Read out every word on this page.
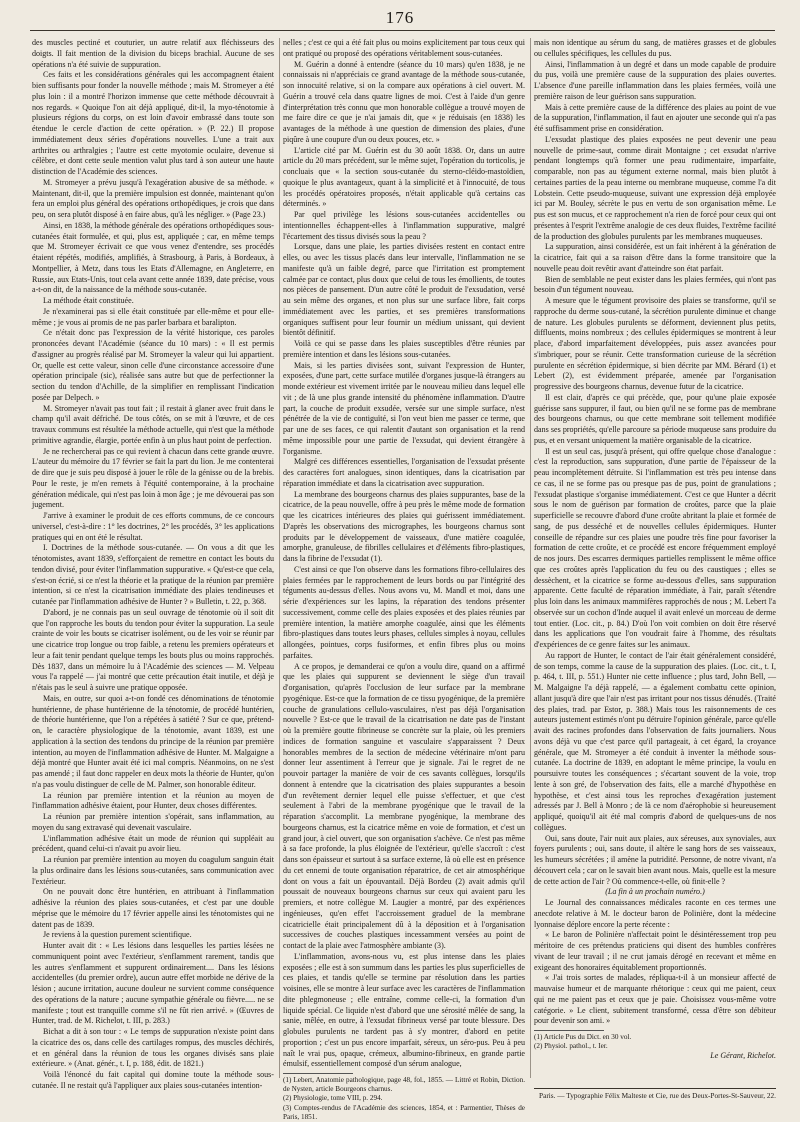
176

des muscles pectiné et couturier, un autre relatif aux fléchisseurs des doigts. Il fait mention de la division du biceps brachial. Aucune de ses opérations n'a été suivie de suppuration.

Ces faits et les considérations générales qui les accompagnent étaient bien suffisants pour fonder la nouvelle méthode ; mais M. Stromeyer a été plus loin : il a montré l'horizon immense que cette méthode découvrait à nos regards. « Quoique l'on ait déjà appliqué, dit-il, la myo-ténotomie à plusieurs régions du corps, on est loin d'avoir embrassé dans toute son étendue le cercle d'action de cette opération. » (P. 22.) Il propose immédiatement deux séries d'opérations nouvelles. L'une a trait aux arthrites ou arthralgies ; l'autre est cette myotomie oculaire, devenue si célèbre, et dont cette seule mention valut plus tard à son auteur une haute distinction de l'Académie des sciences.

M. Stromeyer a prévu jusqu'à l'exagération abusive de sa méthode. « Maintenant, dit-il, que la première impulsion est donnée, maintenant qu'on fera un emploi plus général des opérations orthopédiques, je crois que dans peu, on sera plutôt disposé à en faire abus, qu'à les négliger. » (Page 23.)

Ainsi, en 1838, la méthode générale des opérations orthopédiques sous-cutanées était formulée, et qui, plus est, appliquée ; car, en même temps que M. Stromeyer écrivait ce que vous venez d'entendre, ses procédés étaient répétés, modifiés, amplifiés, à Strasbourg, à Paris, à Bordeaux, à Montpellier, à Metz, dans tous les Etats d'Allemagne, en Angleterre, en Russie, aux Etats-Unis, tout cela avant cette année 1839, date précise, vous a-t-on dit, de la naissance de la méthode sous-cutanée.

La méthode était constituée.

Je n'examinerai pas si elle était constituée par elle-même et pour elle-même ; je vous ai promis de ne pas parler barbara et baralipton.

Ce n'était donc pas l'expression de la vérité historique, ces paroles prononcées devant l'Académie (séance du 10 mars) : « Il est permis d'assigner au progrès réalisé par M. Stromeyer la valeur qui lui appartient. Or, quelle est cette valeur, sinon celle d'une circonstance accessoire d'une opération principale (sic), réalisée sans autre but que de perfectionner la section du tendon d'Achille, de la simplifier en remplissant l'indication posée par Delpech. »

M. Stromeyer n'avait pas tout fait ; il restait à glaner avec fruit dans le champ qu'il avait défriché. De tous côtés, on se mit à l'œuvre, et de ces travaux communs est résultée la méthode actuelle, qui n'est que la méthode primitive agrandie, élargie, portée enfin à un plus haut point de perfection.

Je ne rechercherai pas ce qui revient à chacun dans cette grande œuvre. L'auteur du mémoire du 17 février se fait la part du lion. Je me contenterai de dire que je suis peu disposé à jouer le rôle de la génisse ou de la brebis. Pour le reste, je m'en remets à l'équité contemporaine, à la prochaine génération médicale, qui n'est pas loin à mon âge ; je me dévouerai pas son jugement.

J'arrive à examiner le produit de ces efforts communs, de ce concours universel, c'est-à-dire : 1° les doctrines, 2° les procédés, 3° les applications pratiques qui en ont été le résultat.

I. Doctrines de la méthode sous-cutanée. — On vous a dit que les ténotomistes, avant 1839, s'efforçaient de remettre en contact les bouts du tendon divisé, pour éviter l'inflammation suppurative. « Qu'est-ce que cela, s'est-on écrié, si ce n'est la théorie et la pratique de la réunion par première intention, si ce n'est la cicatrisation immédiate des plaies tendineuses et cutanée par l'inflammation adhésive de Hunter ? » Bulletin, t. 22, p. 368.

D'abord, je ne connais pas un seul ouvrage de ténotomie où il soit dit que l'on rapproche les bouts du tendon pour éviter la suppuration. La seule crainte de voir les bouts se cicatriser isolément, ou de les voir se réunir par une cicatrice trop longue ou trop faible, a retenu les premiers opérateurs et leur a fait tenir pendant quelque temps les bouts plus ou moins rapprochés. Dès 1837, dans un mémoire lu à l'Académie des sciences — M. Velpeau vous l'a rappelé — j'ai montré que cette précaution était inutile, et déjà je n'étais pas le seul à suivre une pratique opposée.

Mais, en outre, sur quoi a-t-on fondé ces dénominations de ténotomie huntérienne, de phase huntérienne de la ténotomie, de procédé huntérien, de théorie huntérienne, que l'on a répétées à satiété ? Sur ce que, prétend-on, le caractère physiologique de la ténotomie, avant 1839, est une application à la section des tendons du principe de la réunion par première intention, au moyen de l'inflammation adhésive de Hunter. M. Malgaigne a déjà montré que Hunter avait été ici mal compris. Néanmoins, on ne s'est pas amendé ; il faut donc rappeler en deux mots la théorie de Hunter, qu'on n'a pas voulu distinguer de celle de M. Palmer, son honorable éditeur.

La réunion par première intention et la réunion au moyen de l'inflammation adhésive étaient, pour Hunter, deux choses différentes.

La réunion par première intention s'opérait, sans inflammation, au moyen du sang extravasé qui devenait vasculaire.

L'inflammation adhésive était un mode de réunion qui suppléait au précédent, quand celui-ci n'avait pu avoir lieu.

La réunion par première intention au moyen du coagulum sanguin était la plus ordinaire dans les lésions sous-cutanées, sans communication avec l'extérieur.

On ne pouvait donc être huntérien, en attribuant à l'inflammation adhésive la réunion des plaies sous-cutanées, et c'est par une double méprise que le mémoire du 17 février appelle ainsi les ténotomistes qui ne datent pas de 1839.

Je reviens à la question purement scientifique.

Hunter avait dit : « Les lésions dans lesquelles les parties lésées ne communiquent point avec l'extérieur, s'enflamment rarement, tandis que les autres s'enflamment et suppurent ordinairement.... Dans les lésions accidentelles (du premier ordre), aucun autre effet morbide ne dérive de la lésion ; aucune irritation, aucune douleur ne survient comme conséquence des opérations de la nature ; aucune sympathie générale ou fièvre..... ne se manifeste ; tout est tranquille comme s'il ne fût rien arrivé. » (Œuvres de Hunter, trad. de M. Richelot, t. III, p. 283.)

Bichat a dit à son tour : « Le temps de suppuration n'existe point dans la cicatrice des os, dans celle des cartilages rompus, des muscles déchirés, et en général dans la réunion de tous les organes divisés sans plaie extérieure. » (Anat. génér., t. I, p. 188, édit. de 1821.)

Voilà l'énoncé du fait capital qui domine toute la méthode sous-cutanée. Il ne restait qu'à l'appliquer aux plaies sous-cutanées intention-

nelles ; c'est ce qui a été fait plus ou moins explicitement par tous ceux qui ont pratiqué ou proposé des opérations véritablement sous-cutanées.

M. Guérin a donné à entendre (séance du 10 mars) qu'en 1838, je ne connaissais ni n'appréciais ce grand avantage de la méthode sous-cutanée, son innocuité relative, si on la compare aux opérations à ciel ouvert. M. Guérin a trouvé cela dans quatre lignes de moi. C'est à l'aide d'un genre d'interprétation très connu que mon honorable collègue a trouvé moyen de me faire dire ce que je n'ai jamais dit, que « je réduisais (en 1838) les avantages de la méthode à une question de dimension des plaies, d'une piqûre à une coupure d'un ou deux pouces, etc. »

L'article cité par M. Guérin est du 30 août 1838. Or, dans un autre article du 20 mars précédent, sur le même sujet, l'opération du torticolis, je concluais que « la section sous-cutanée du sterno-cléido-mastoïdien, quoique le plus avantageux, quant à la simplicité et à l'innocuité, de tous les procédés opératoires proposés, n'était applicable qu'à certains cas déterminés. »

Par quel privilège les lésions sous-cutanées accidentelles ou intentionnelles échappent-elles à l'inflammation suppurative, malgré l'écartement des tissus divisés sous la peau ?

Lorsque, dans une plaie, les parties divisées restent en contact entre elles, ou avec les tissus placés dans leur intervalle, l'inflammation ne se manifeste qu'à un faible degré, parce que l'irritation est promptement calmée par ce contact, plus doux que celui de tous les émollients, de toutes nos pièces de pansement. D'un autre côté le produit de l'exsudation, versé au sein même des organes, et non plus sur une surface libre, fait corps immédiatement avec les parties, et ses premières transformations organiques suffisent pour leur fournir un médium unissant, qui devient bientôt définitif.

Voilà ce qui se passe dans les plaies susceptibles d'être réunies par première intention et dans les lésions sous-cutanées.

Mais, si les parties divisées sont, suivant l'expression de Hunter, exposées, d'une part, cette surface mutilée d'organes jusque-là étrangers au monde extérieur est vivement irritée par le nouveau milieu dans lequel elle vit ; de là une plus grande intensité du phénomène inflammation. D'autre part, la couche de produit exsudée, versée sur une simple surface, n'est pénétrée de la vie de contiguïté, si l'on veut bien me passer ce terme, que par une de ses faces, ce qui ralentit d'autant son organisation et la rend même impossible pour une partie de l'exsudat, qui devient étrangère à l'organisme.

Malgré ces différences essentielles, l'organisation de l'exsudat présente des caractères fort analogues, sinon identiques, dans la cicatrisation par réparation immédiate et dans la cicatrisation avec suppuration.

La membrane des bourgeons charnus des plaies suppurantes, base de la cicatrice, de la peau nouvelle, offre à peu près le même mode de formation que les cicatrices intérieures des plaies qui guérissent immédiatement. D'après les observations des micrographes, les bourgeons charnus sont produits par le développement de vaisseaux, d'une matière coagulée, amorphe, granuleuse, de fibrilles cellulaires et d'éléments fibro-plastiques, dans la fibrine de l'exsudat (1).

C'est ainsi ce que l'on observe dans les formations fibro-cellulaires des plaies fermées par le rapprochement de leurs bords ou par l'intégrité des téguments au-dessus d'elles. Nous avons vu, M. Mandl et moi, dans une série d'expériences sur les lapins, la réparation des tendons présenter successivement, comme celle des plaies exposées et des plaies réunies par première intention, la matière amorphe coagulée, ainsi que les éléments fibro-plastiques dans toutes leurs phases, cellules simples à noyau, cellules allongées, pointues, corps fusiformes, et enfin fibres plus ou moins parfaites.

A ce propos, je demanderai ce qu'on a voulu dire, quand on a affirmé que les plaies qui suppurent se deviennent le siège d'un travail d'organisation, qu'après l'occlusion de leur surface par la membrane pyogénique. Est-ce que la formation de ce tissu pyogénique, de la première couche de granulations cellulo-vasculaires, n'est pas déjà l'organisation nouvelle ? Est-ce que le travail de la cicatrisation ne date pas de l'instant où la première goutte fibrineuse se concrète sur la plaie, où les premiers indices de formation sanguine et vasculaire s'apparaissent ? Deux honorables membres de la section de médecine vétérinaire m'ont paru donner leur assentiment à l'erreur que je signale. J'ai le regret de ne pouvoir partager la manière de voir de ces savants collègues, lorsqu'ils donnent à entendre que la cicatrisation des plaies suppurantes a besoin d'un revêtement dernier lequel elle puisse s'effectuer, et que c'est seulement à l'abri de la membrane pyogénique que le travail de la réparation s'accomplit. La membrane pyogénique, la membrane des bourgeons charnus, est la cicatrice même en voie de formation, et c'est un grand jour, à ciel ouvert, que son organisation s'achève. Ce n'est pas même à sa face profonde, la plus éloignée de l'extérieur, qu'elle s'accroît : c'est dans son épaisseur et surtout à sa surface externe, là où elle est en présence du cet ennemi de toute organisation réparatrice, de cet air atmosphérique dont on vous a fait un épouvantail. Déjà Bordeu (2) avait admis qu'il poussait de nouveaux bourgeons charnus sur ceux qui avaient paru les premiers, et notre collègue M. Laugier a montré, par des expériences ingénieuses, qu'en effet l'accroissement graduel de la membrane cicatricielle était principalement dû à la déposition et à l'organisation successives de couches plastiques incessamment versées au point de contact de la plaie avec l'atmosphère ambiante (3).

L'inflammation, avons-nous vu, est plus intense dans les plaies exposées ; elle est à son summum dans les parties les plus superficielles de ces plaies, et tandis qu'elle se termine par résolution dans les parties voisines, elle se montre à leur surface avec les caractères de l'inflammation dite phlegmoneuse ; elle entraîne, comme celle-ci, la formation d'un liquide spécial. Ce liquide n'est d'abord que une sérosité mêlée de sang, la sanie, mêlée, en outre, à l'exsudat fibrineux versé par toute blessure. Des globules purulents ne tardent pas à s'y montrer, d'abord en petite proportion ; c'est un pus encore imparfait, séreux, un séro-pus. Peu à peu naît le vrai pus, opaque, crémeux, albumino-fibrineux, en grande partie émulsif, essentiellement composé d'un sérum analogue,

(1) Lebert, Anatomie pathologique, page 48, fol., 1855. — Littré et Robin, Diction. de Nysten, article Bourgeons charnus.

(2) Physiologie, tome VIII, p. 294.

(3) Comptes-rendus de l'Académie des sciences, 1854, et : Parmentier, Thèses de Paris, 1851.

mais non identique au sérum du sang, de matières grasses et de globules ou cellules spécifiques, les cellules du pus.

Ainsi, l'inflammation à un degré et dans un mode capable de produire du pus, voilà une première cause de la suppuration des plaies ouvertes. L'absence d'une pareille inflammation dans les plaies fermées, voilà une première raison de leur guérison sans suppuration.

Mais à cette première cause de la différence des plaies au point de vue de la suppuration, l'inflammation, il faut en ajouter une seconde qui n'a pas été suffisamment prise en considération.

L'exsudat plastique des plaies exposées ne peut devenir une peau nouvelle de prime-saut, comme dirait Montaigne ; cet exsudat n'arrive pendant longtemps qu'à former une peau rudimentaire, imparfaite, comparable, non pas au tégument externe normal, mais bien plutôt à certaines parties de la peau interne ou membrane muqueuse, comme l'a dit Lobstein. Cette pseudo-muqueuse, suivant une expression déjà employée ici par M. Bouley, sécrète le pus en vertu de son organisation même. Le pus est son mucus, et ce rapprochement n'a rien de forcé pour ceux qui ont présentes à l'esprit l'extrême analogie de ces deux fluides, l'extrême facilité de la production des globules purulents par les membranes muqueuses.

La suppuration, ainsi considérée, est un fait inhérent à la génération de la cicatrice, fait qui a sa raison d'être dans la forme transitoire que la nouvelle peau doit revêtir avant d'atteindre son état parfait.

Bien de semblable ne peut exister dans les plaies fermées, qui n'ont pas besoin d'un tégument nouveau.

A mesure que le tégument provisoire des plaies se transforme, qu'il se rapproche du derme sous-cutané, la sécrétion purulente diminue et change de nature. Les globules purulents se déforment, deviennent plus petits, diffluents, moins nombreux ; des cellules épidermiques se montrent à leur place, d'abord imparfaitement développées, puis assez avancées pour s'imbriquer, pour se réunir. Cette transformation curieuse de la sécrétion purulente en sécrétion épidermique, si bien décrite par MM. Bérard (1) et Lebert (2), est évidemment préparée, amenée par l'organisation progressive des bourgeons charnus, devenue futur de la cicatrice.

Il est clair, d'après ce qui précède, que, pour qu'une plaie exposée guérisse sans suppurer, il faut, ou bien qu'il ne se forme pas de membrane des bourgeons charnus, ou que cette membrane soit tellement modifiée dans ses propriétés, qu'elle parcoure sa période muqueuse sans produire du pus, et en versant uniquement la matière organisable de la cicatrice.

Il est un seul cas, jusqu'à présent, qui offre quelque chose d'analogue : c'est la reproduction, sans suppuration, d'une partie de l'épaisseur de la peau incomplètement détruite. Si l'inflammation est très peu intense dans ce cas, il ne se forme pas ou presque pas de pus, point de granulations ; l'exsudat plastique s'organise immédiatement. C'est ce que Hunter a décrit sous le nom de guérison par formation de croûtes, parce que la plaie superficielle se recouvre d'abord d'une croûte abritant la plaie et formée de sang, de pus desséché et de nouvelles cellules épidermiques. Hunter conseille de répandre sur ces plaies une poudre très fine pour favoriser la formation de cette croûte, et ce procédé est encore fréquemment employé de nos jours. Des escarres dermiques partielles remplissent le même office que ces croûtes après l'application du feu ou des caustiques ; elles se dessèchent, et la cicatrice se forme au-dessous d'elles, sans suppuration apparente. Cette faculté de réparation immédiate, à l'air, paraît s'étendre plus loin dans les animaux mammifères rapprochés de nous ; M. Lebert l'a observée sur un cochon d'Inde auquel il avait enlevé un morceau de derme tout entier. (Loc. cit., p. 84.) D'où l'on voit combien on doit être réservé dans les applications que l'on voudrait faire à l'homme, des résultats d'expériences de ce genre faites sur les animaux.

Au rapport de Hunter, le contact de l'air était généralement considéré, de son temps, comme la cause de la suppuration des plaies. (Loc. cit., t. I, p. 464, t. III, p. 551.) Hunter nie cette influence ; plus tard, John Bell, — M. Malgaigne l'a déjà rappelé, — a également combattu cette opinion, allant jusqu'à dire que l'air n'est pas irritant pour nos tissus dénudés. (Traité des plaies, trad. par Estor, p. 388.) Mais tous les raisonnements de ces auteurs justement estimés n'ont pu détruire l'opinion générale, parce qu'elle avait des racines profondes dans l'observation de faits journaliers. Nous avons déjà vu que c'est parce qu'il partageait, à cet égard, la croyance générale, que M. Stromeyer a été conduit à inventer la méthode sous-cutanée. La doctrine de 1839, en adoptant le même principe, la voulu en poursuivre toutes les conséquences ; s'écartant souvent de la voie, trop lente à son gré, de l'observation des faits, elle a marché d'hypothèse en hypothèse, et c'est ainsi tous les reproches d'exagération justement adressés par J. Bell à Monro ; de là ce nom d'aérophobie si heureusement appliqué, quoiqu'il ait été mal compris d'abord de quelques-uns de nos collègues.

Oui, sans doute, l'air nuit aux plaies, aux séreuses, aux synoviales, aux foyers purulents ; oui, sans doute, il altère le sang hors de ses vaisseaux, les humeurs sécrétées ; il amène la putridité. Personne, de notre vivant, n'a découvert cela ; car on le savait bien avant nous. Mais, quelle est la mesure de cette action de l'air ? Où commence-t-elle, où finit-elle ?

(La fin à un prochain numéro.)

Le Journal des connaissances médicales raconte en ces termes une anecdote relative à M. le docteur baron de Polinière, dont la médecine lyonnaise déplore encore la perte récente :

« Le baron de Polinière n'affectait point le désintéressement trop peu méritoire de ces prétendus praticiens qui disent des humbles confrères vivant de leur travail ; il ne crut jamais dérogé en recevant et même en exigeant des honoraires équitablement proportionnés.

« J'ai trois sortes de malades, répliqua-t-il à un monsieur affecté de mauvaise humeur et de marquante rhétorique : ceux qui me paient, ceux qui ne me paient pas et ceux que je paie. Choisissez vous-même votre catégorie. » Le client, subitement transformé, cessa d'être son débiteur pour devenir son ami. »

(1) Article Pus du Dict. en 30 vol.

(2) Physiol. pathol., t. Ier.

Le Gérant, Richelot.

Paris. — Typographie Félix Malteste et Cie, rue des Deux-Portes-St-Sauveur, 22.
